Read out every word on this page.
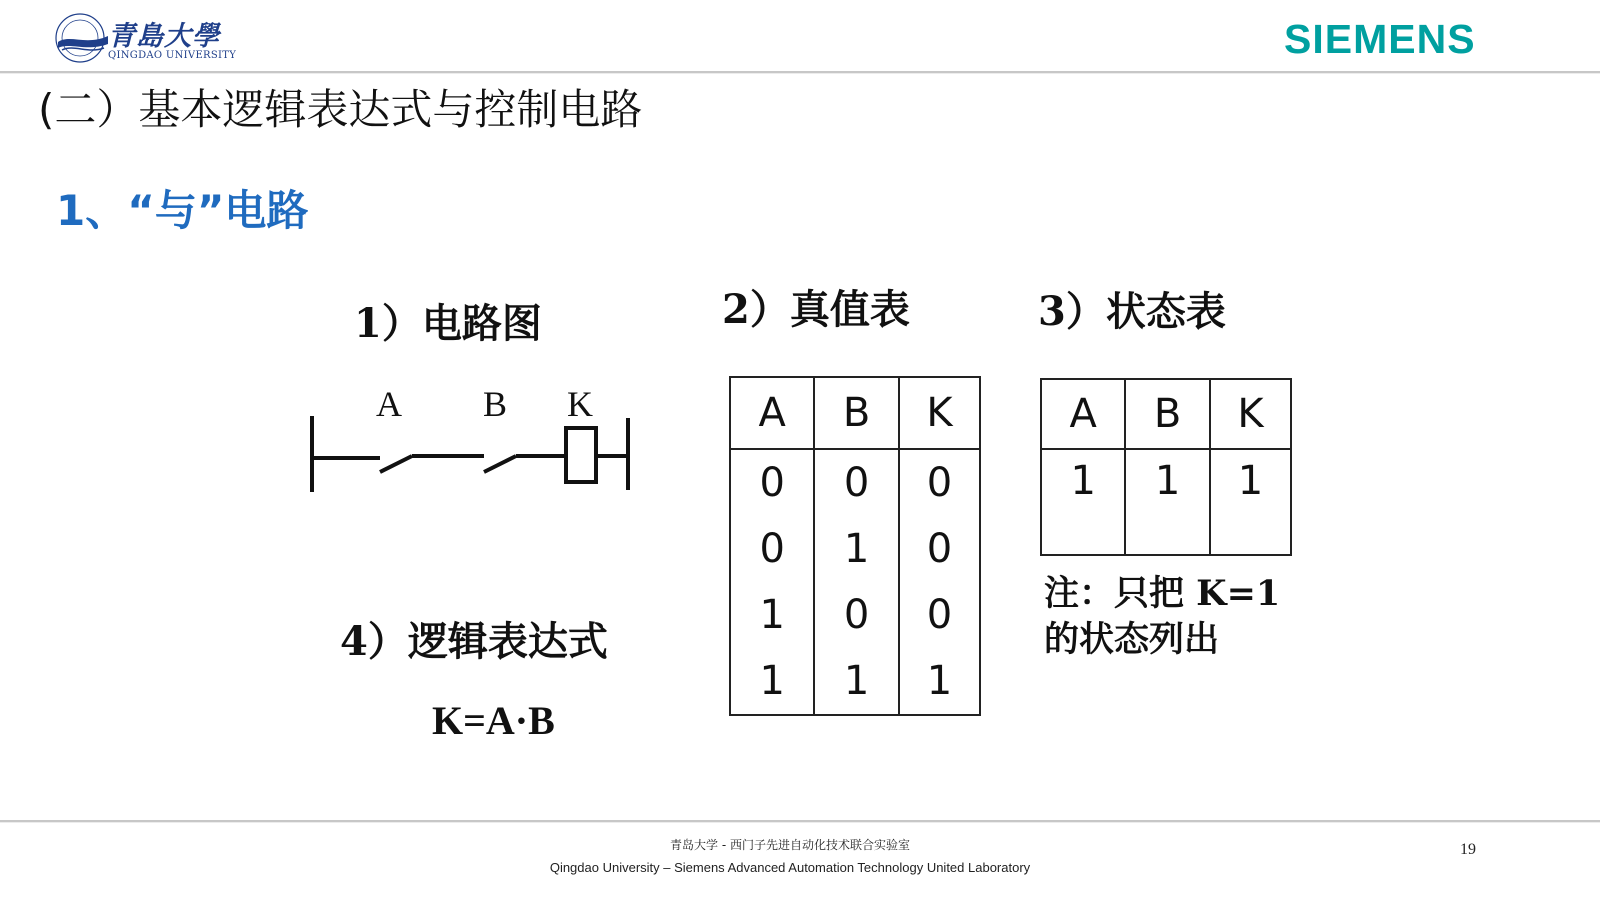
青島大學
QINGDAO UNIVERSITY	SIEMENS
(二）基本逻辑表达式与控制电路
1、“与”电路
1）电路图
A B K
2）真值表
A	B	K
0	0	0
0	1	0
1	0	0
1	1	1
3）状态表
A	B	K
1	1	1
注：只把 K=1
的状态列出
4）逻辑表达式
K=A·B
青岛大学 - 西门子先进自动化技术联合实验室
Qingdao University – Siemens Advanced Automation Technology United Laboratory
19
